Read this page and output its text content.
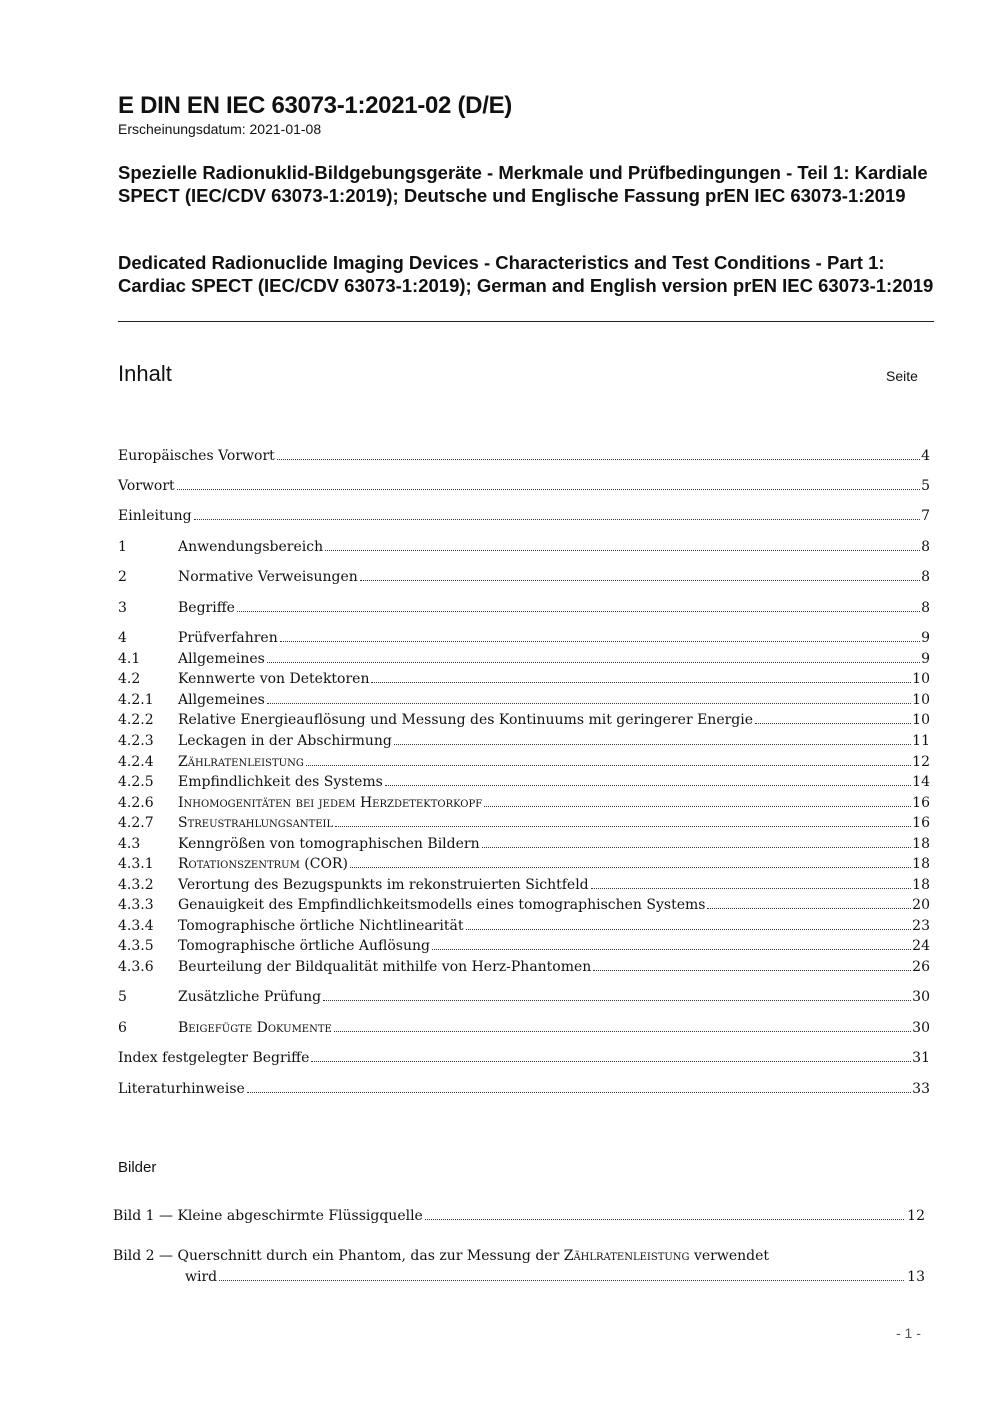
E DIN EN IEC 63073-1:2021-02 (D/E)
Erscheinungsdatum: 2021-01-08
Spezielle Radionuklid-Bildgebungsgeräte - Merkmale und Prüfbedingungen - Teil 1: Kardiale SPECT (IEC/CDV 63073-1:2019); Deutsche und Englische Fassung prEN IEC 63073-1:2019
Dedicated Radionuclide Imaging Devices - Characteristics and Test Conditions - Part 1: Cardiac SPECT (IEC/CDV 63073-1:2019); German and English version prEN IEC 63073-1:2019
Inhalt	Seite
Europäisches Vorwort	4
Vorwort	5
Einleitung	7
1	Anwendungsbereich	8
2	Normative Verweisungen	8
3	Begriffe	8
4	Prüfverfahren	9
4.1	Allgemeines	9
4.2	Kennwerte von Detektoren	10
4.2.1	Allgemeines	10
4.2.2	Relative Energieauflösung und Messung des Kontinuums mit geringerer Energie	10
4.2.3	Leckagen in der Abschirmung	11
4.2.4	Zählratenleistung	12
4.2.5	Empfindlichkeit des Systems	14
4.2.6	Inhomogenitäten bei jedem Herzdetektorkopf	16
4.2.7	Streustrahlungsanteil	16
4.3	Kenngrößen von tomographischen Bildern	18
4.3.1	Rotationszentrum (COR)	18
4.3.2	Verortung des Bezugspunkts im rekonstruierten Sichtfeld	18
4.3.3	Genauigkeit des Empfindlichkeitsmodells eines tomographischen Systems	20
4.3.4	Tomographische örtliche Nichtlinearität	23
4.3.5	Tomographische örtliche Auflösung	24
4.3.6	Beurteilung der Bildqualität mithilfe von Herz-Phantomen	26
5	Zusätzliche Prüfung	30
6	Beigefügte Dokumente	30
Index festgelegter Begriffe	31
Literaturhinweise	33
Bilder
Bild 1 — Kleine abgeschirmte Flüssigquelle	12
Bild 2 — Querschnitt durch ein Phantom, das zur Messung der Zählratenleistung verwendet
wird	13
- 1 -
